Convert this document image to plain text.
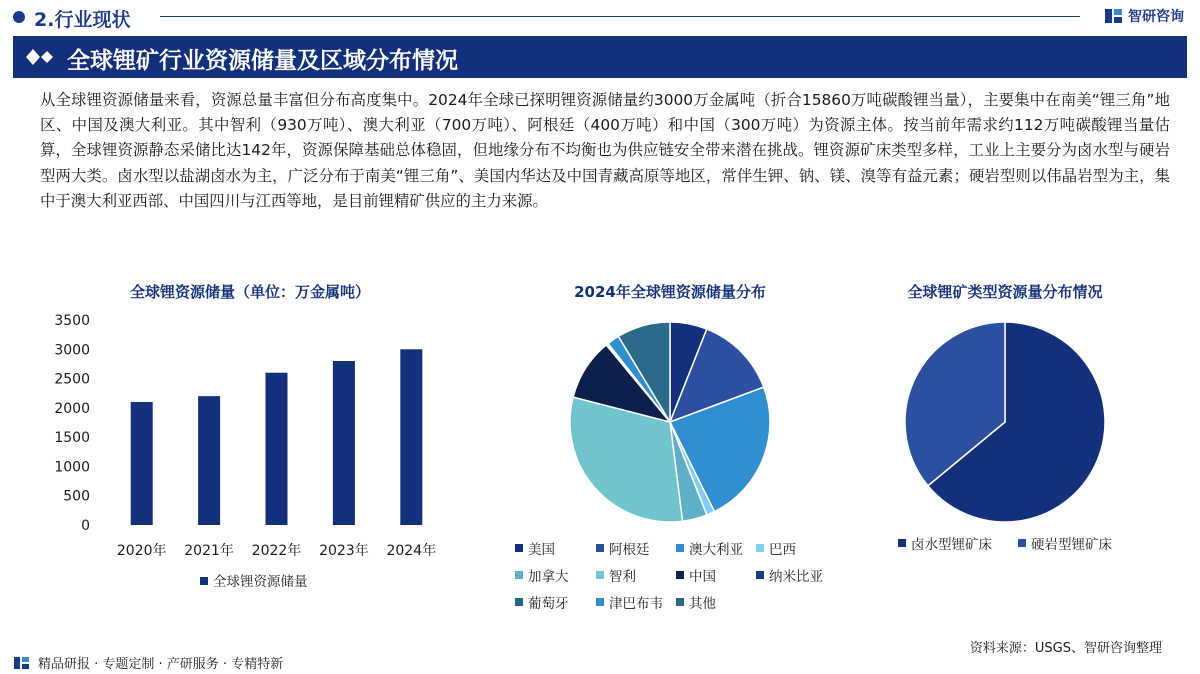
2.行业现状	智研咨询
全球锂矿行业资源储量及区域分布情况
从全球锂资源储量来看，资源总量丰富但分布高度集中。2024年全球已探明锂资源储量约3000万金属吨（折合15860万吨碳酸锂当量），主要集中在南美“锂三角”地区、中国及澳大利亚。其中智利（930万吨）、澳大利亚（700万吨）、阿根廷（400万吨）和中国（300万吨）为资源主体。按当前年需求约112万吨碳酸锂当量估算，全球锂资源静态采储比达142年，资源保障基础总体稳固，但地缘分布不均衡也为供应链安全带来潜在挑战。锂资源矿床类型多样，工业上主要分为卤水型与硬岩型两大类。卤水型以盐湖卤水为主，广泛分布于南美“锂三角”、美国内华达及中国青藏高原等地区，常伴生钾、钠、镁、溴等有益元素；硬岩型则以伟晶岩型为主，集中于澳大利亚西部、中国四川与江西等地，是目前锂精矿供应的主力来源。
全球锂资源储量（单位：万金属吨）
0
500
1000
1500
2000
2500
3000
3500
2020年 2021年 2022年 2023年 2024年
全球锂资源储量
2024年全球锂资源储量分布
美国	阿根廷	澳大利亚 巴西
加拿大	智利	中国	纳米比亚
葡萄牙	津巴布韦 其他
全球锂矿类型资源量分布情况
卤水型锂矿床	硬岩型锂矿床
资料来源：USGS、智研咨询整理
精品研报 · 专题定制 · 产研服务 · 专精特新
